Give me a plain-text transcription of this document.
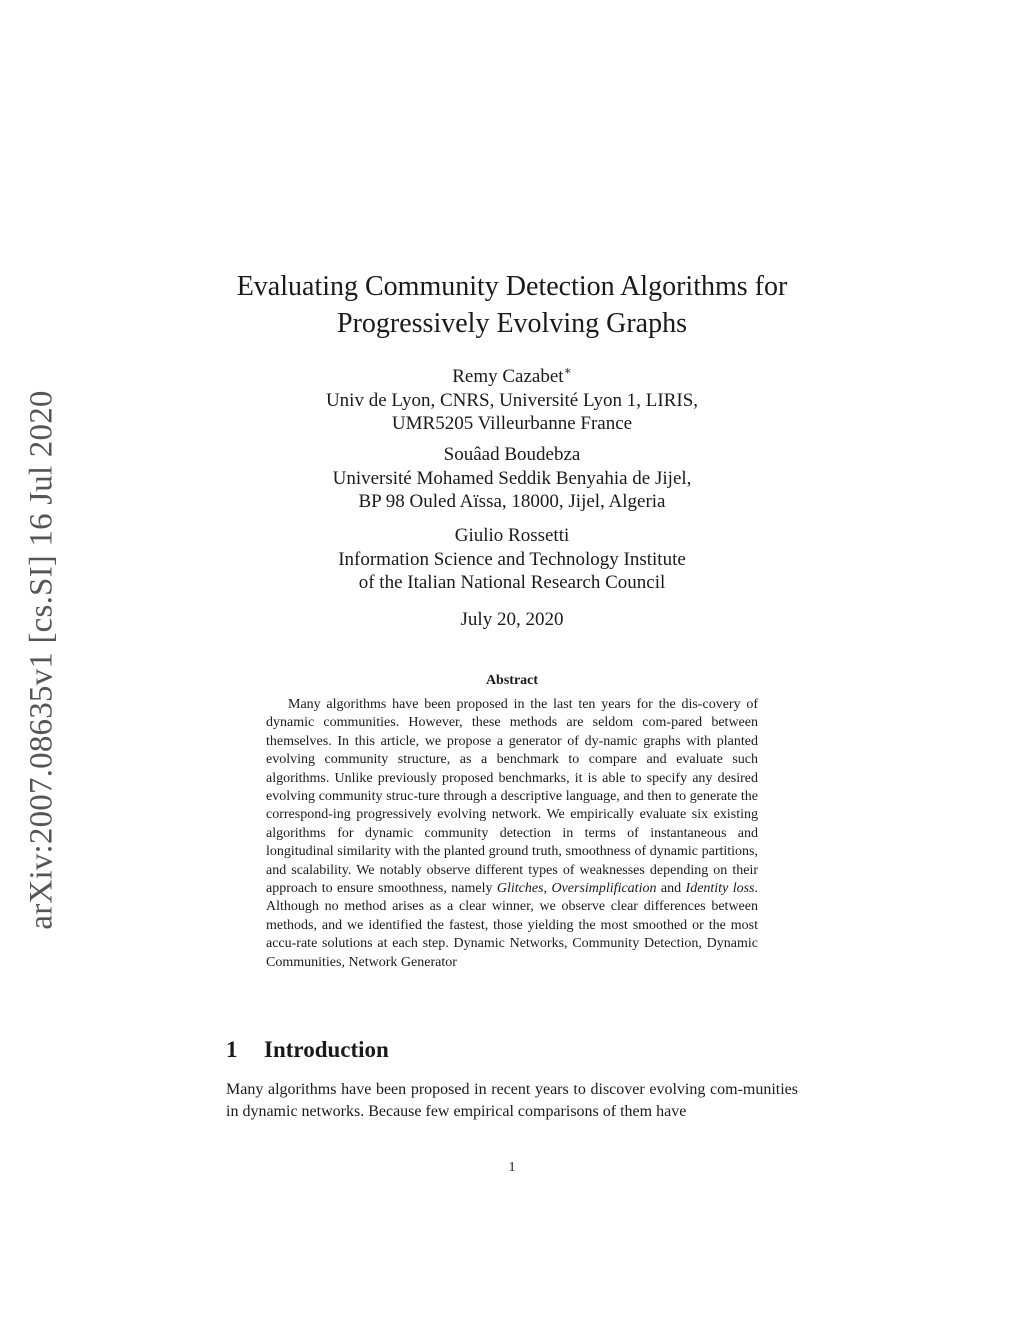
arXiv:2007.08635v1 [cs.SI] 16 Jul 2020
Evaluating Community Detection Algorithms for
Progressively Evolving Graphs
Remy Cazabet∗
Univ de Lyon, CNRS, Université Lyon 1, LIRIS,
UMR5205 Villeurbanne France
Souâad Boudebza
Université Mohamed Seddik Benyahia de Jijel,
BP 98 Ouled Aïssa, 18000, Jijel, Algeria
Giulio Rossetti
Information Science and Technology Institute
of the Italian National Research Council
July 20, 2020
Abstract
Many algorithms have been proposed in the last ten years for the dis-covery of dynamic communities. However, these methods are seldom com-pared between themselves. In this article, we propose a generator of dy-namic graphs with planted evolving community structure, as a benchmark to compare and evaluate such algorithms. Unlike previously proposed benchmarks, it is able to specify any desired evolving community struc-ture through a descriptive language, and then to generate the correspond-ing progressively evolving network. We empirically evaluate six existing algorithms for dynamic community detection in terms of instantaneous and longitudinal similarity with the planted ground truth, smoothness of dynamic partitions, and scalability. We notably observe different types of weaknesses depending on their approach to ensure smoothness, namely Glitches, Oversimplification and Identity loss. Although no method arises as a clear winner, we observe clear differences between methods, and we identified the fastest, those yielding the most smoothed or the most accu-rate solutions at each step. Dynamic Networks, Community Detection, Dynamic Communities, Network Generator
1 Introduction
Many algorithms have been proposed in recent years to discover evolving com-munities in dynamic networks. Because few empirical comparisons of them have
1
